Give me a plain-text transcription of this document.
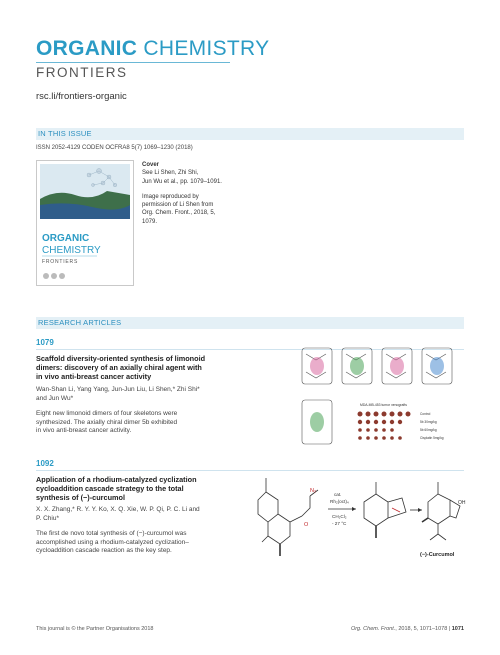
ORGANIC CHEMISTRY
FRONTIERS
rsc.li/frontiers-organic
IN THIS ISSUE
ISSN 2052-4129 CODEN OCFRA8 5(7) 1069–1230 (2018)
ORGANIC
CHEMISTRY
FRONTIERS

Cover

See Li Shen, Zhi Shi,
Jun Wu et al., pp. 1079–1091.

Image reproduced by
permission of Li Shen from
Org. Chem. Front., 2018, 5,
1079.

RESEARCH ARTICLES
1079
Scaffold diversity-oriented synthesis of limonoid
dimers: discovery of an axially chiral agent with
in vivo anti-breast cancer activity
Wan-Shan Li, Yang Yang, Jun-Jun Liu, Li Shen,* Zhi Shi*
and Jun Wu*
Eight new limonoid dimers of four skeletons were
synthesized. The axially chiral dimer 5b exhibited
in vivo anti-breast cancer activity.
MDA-MB-453 tumor xenografts
Control
5b 30mg/kg
5b 60mg/kg
Cisplatin 5mg/kg
1092
Application of a rhodium-catalyzed cyclization
cycloaddition cascade strategy to the total
synthesis of (−)-curcumol
X. X. Zhang,* R. Y. Y. Ko, X. Q. Xie, W. P. Qi, P. C. Li and
P. Chiu*
The first de novo total synthesis of (−)-curcumol was
accomplished using a rhodium-catalyzed cyclization–
cycloaddition cascade reaction as the key step.
N₂
O
cat.
Rh₂(oct)₄
CH₂Cl₂
- 27 °C
OH
(−)-Curcumol
This journal is © the Partner Organisations 2018	Org. Chem. Front., 2018, 5, 1071–1078 | 1071
